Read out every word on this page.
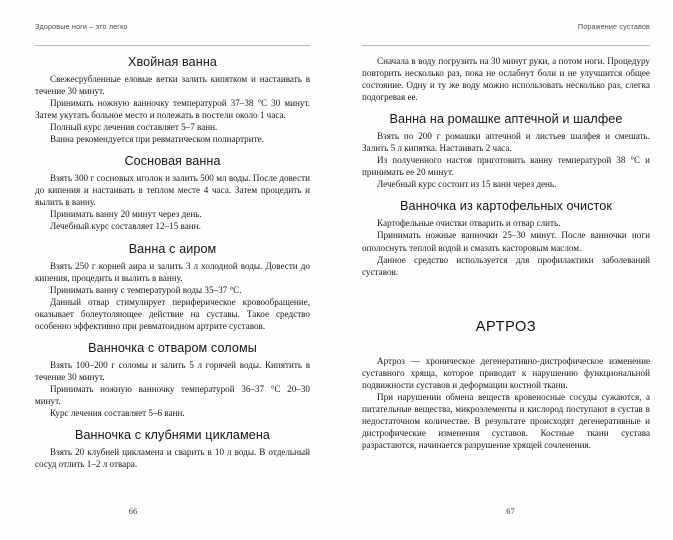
Здоровые ноги – это легко
Хвойная ванна

Свежесрубленные еловые ветки залить кипятком и настаивать в течение 30 минут.

Принимать ножную ванночку температурой 37–38 °С 30 минут. Затем укутать больное место и полежать в постели около 1 часа.

Полный курс лечения составляет 5–7 ванн.

Ванна рекомендуется при ревматическом полиартрите.

Сосновая ванна

Взять 300 г сосновых иголок и залить 500 мл воды. После довести до кипения и настаивать в теплом месте 4 часа. Затем процедить и вылить в ванну.

Принимать ванну 20 минут через день.

Лечебный курс составляет 12–15 ванн.

Ванна с аиром

Взять 250 г корней аира и залить 3 л холодной воды. Довести до кипения, процедить и вылить в ванну.

Принимать ванну с температурой воды 35–37 °С.

Данный отвар стимулирует периферическое кровообращение, оказывает болеутоляющее действие на суставы. Такое средство особенно эффективно при ревматоидном артрите суставов.

Ванночка с отваром соломы

Взять 100–200 г соломы и залить 5 л горячей воды. Кипятить в течение 30 минут.

Принимать ножную ванночку температурой 36–37 °С 20–30 минут.

Курс лечения составляет 5–6 ванн.

Ванночка с клубнями цикламена

Взять 20 клубней цикламена и сварить в 10 л воды. В отдельный сосуд отлить 1–2 л отвара.

66
Поражение суставов

Сначала в воду погрузить на 30 минут руки, а потом ноги. Процедуру повторить несколько раз, пока не ослабнут боли и не улучшится общее состояние. Одну и ту же воду можно использовать несколько раз, слегка подогревая ее.

Ванна на ромашке аптечной и шалфее

Взять по 200 г ромашки аптечной и листьев шалфея и смешать. Залить 5 л кипятка. Настаивать 2 часа.

Из полученного настоя приготовить ванну температурой 38 °С и принимать ее 20 минут.

Лечебный курс состоит из 15 ванн через день.

Ванночка из картофельных очисток

Картофельные очистки отварить и отвар слить.

Принимать ножные ванночки 25–30 минут. После ванночки ноги ополоснуть теплой водой и смазать касторовым маслом.

Данное средство используется для профилактики заболеваний суставов.

АРТРОЗ

Артроз — хроническое дегенеративно-дистрофическое изменение суставного хряща, которое приводит к нарушению функциональной подвижности суставов и деформации костной ткани.

При нарушении обмена веществ кровеносные сосуды сужаются, а питательные вещества, микроэлементы и кислород поступают в сустав в недостаточном количестве. В результате происходят дегенеративные и дистрофические изменения суставов. Костные ткани сустава разрастаются, начинается разрушение хрящей сочленения.

67
